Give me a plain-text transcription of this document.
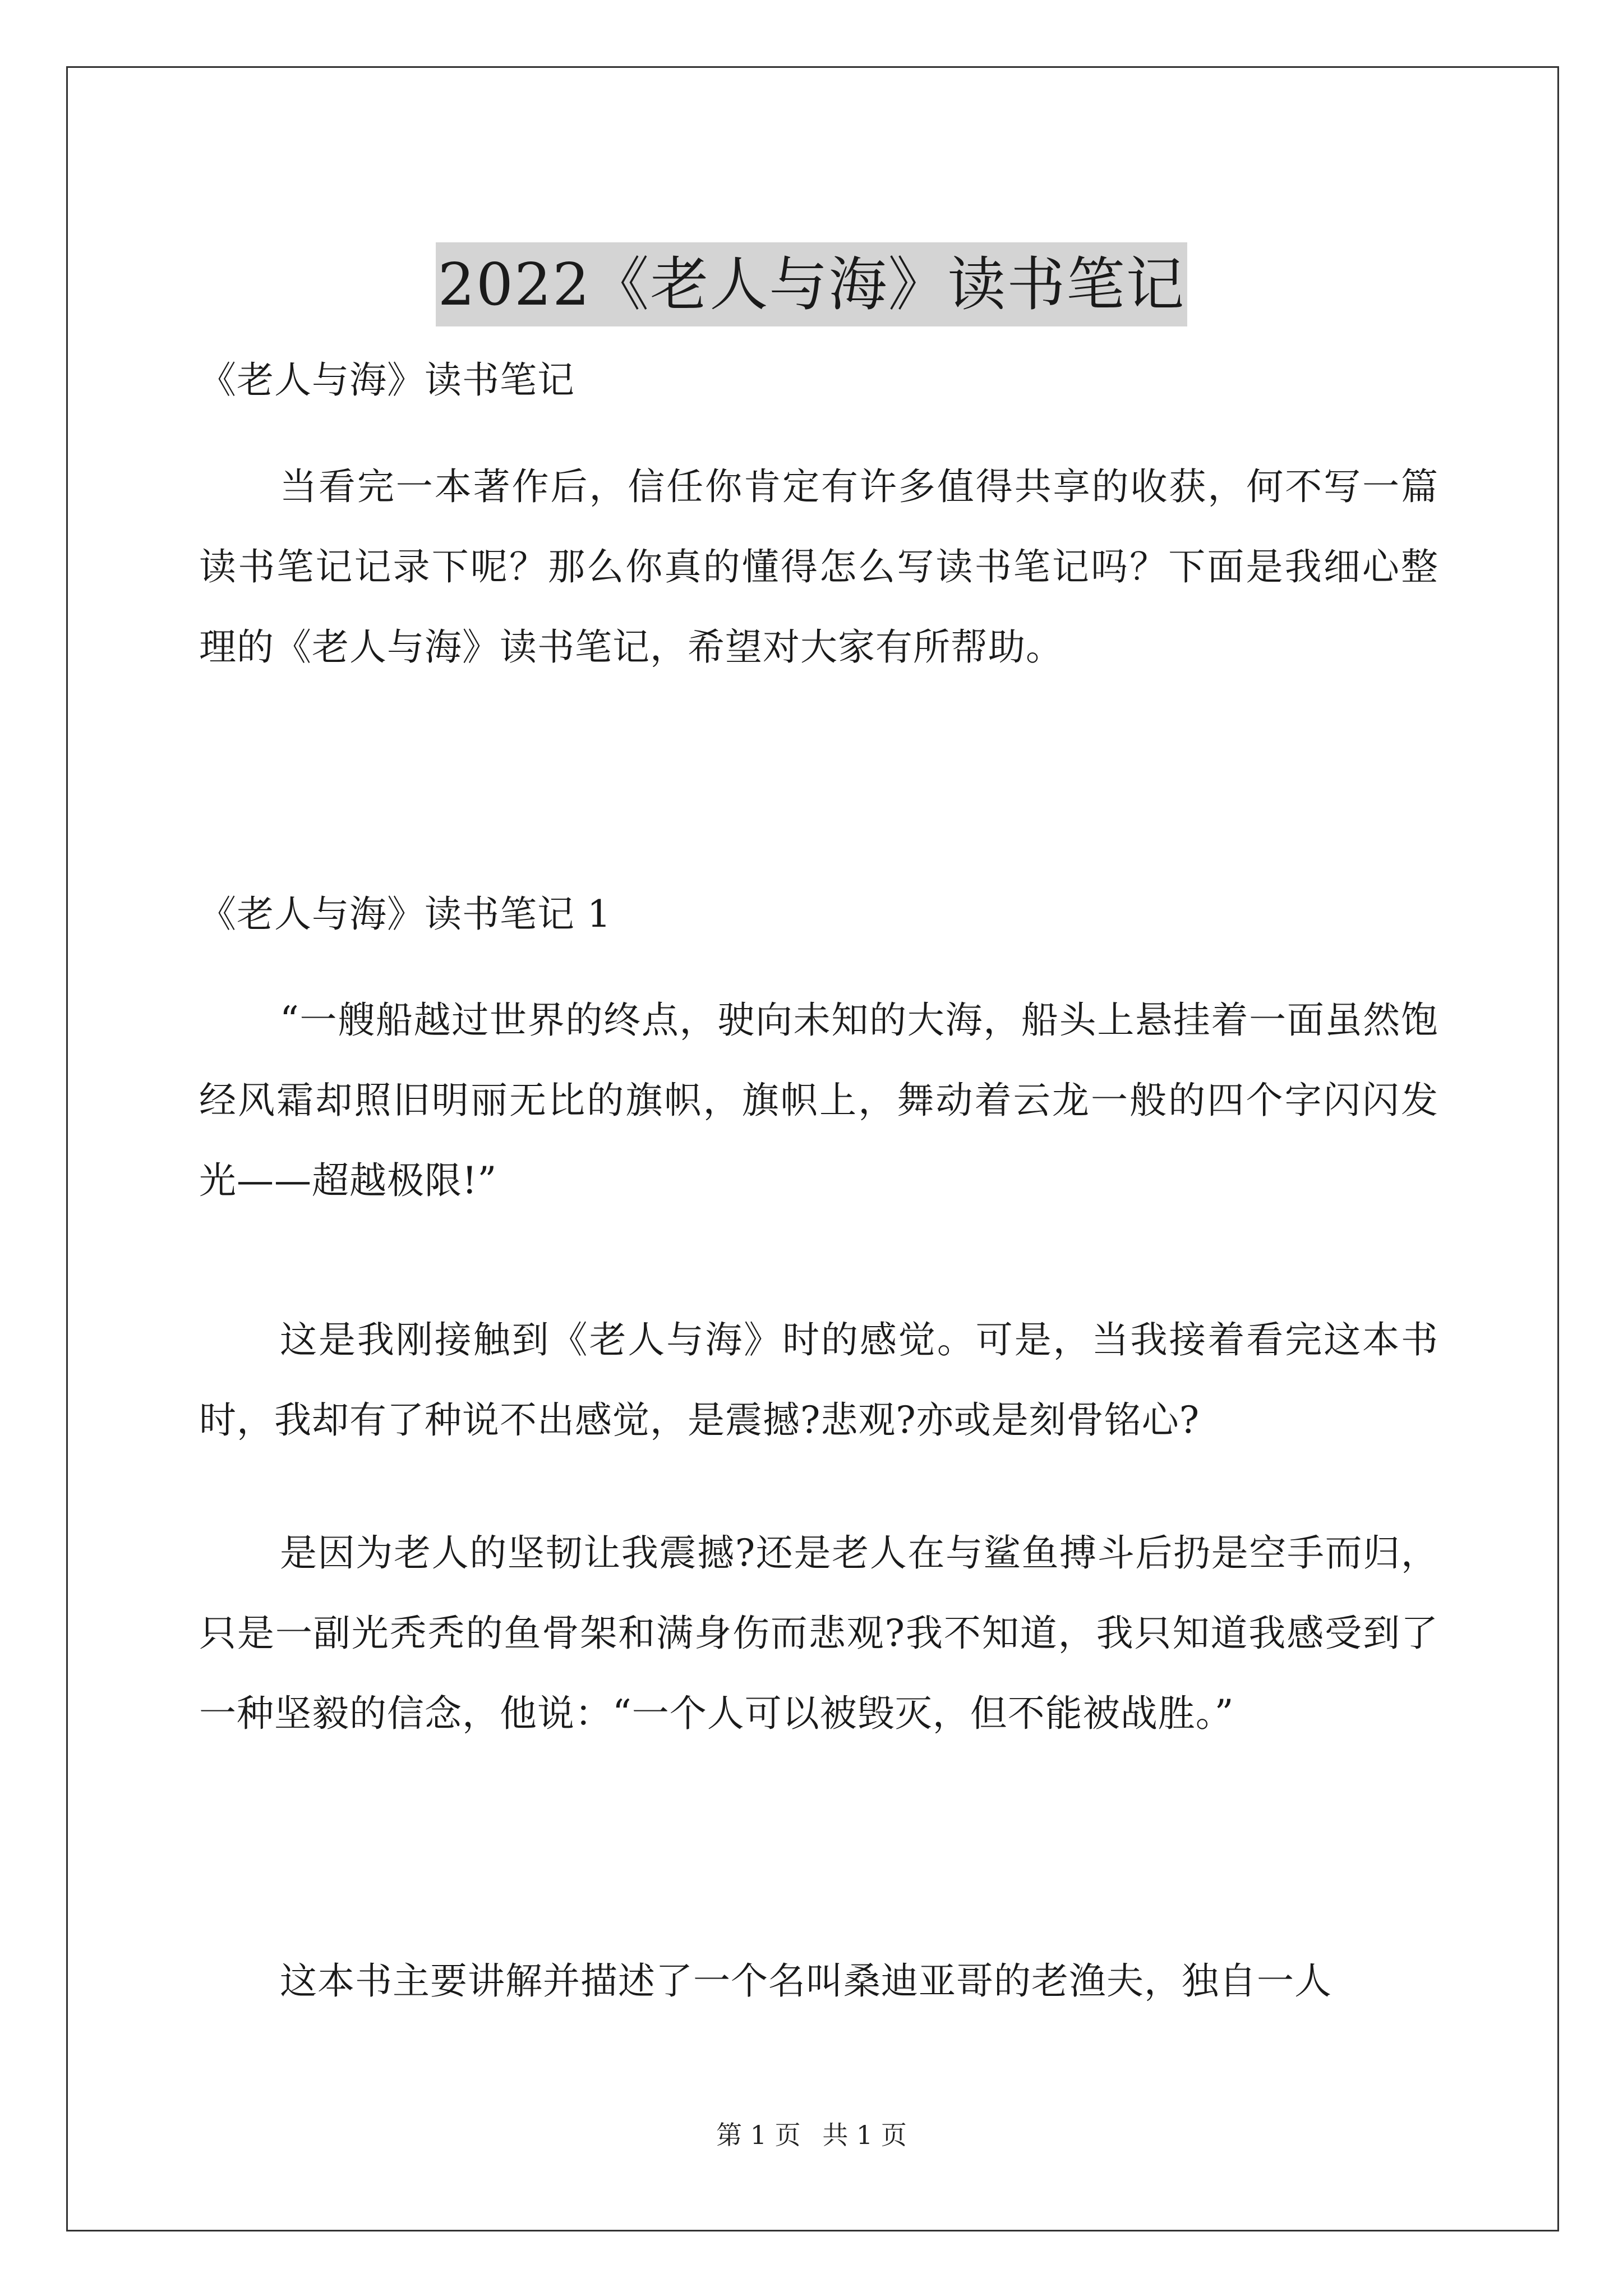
2022《老人与海》读书笔记

《老人与海》读书笔记

当看完一本著作后，信任你肯定有许多值得共享的收获，何不写一篇读书笔记记录下呢？那么你真的懂得怎么写读书笔记吗？下面是我细心整理的《老人与海》读书笔记，希望对大家有所帮助。

《老人与海》读书笔记 1

“一艘船越过世界的终点，驶向未知的大海，船头上悬挂着一面虽然饱经风霜却照旧明丽无比的旗帜，旗帜上，舞动着云龙一般的四个字闪闪发光——超越极限!”

这是我刚接触到《老人与海》时的感觉。可是，当我接着看完这本书时，我却有了种说不出感觉，是震撼?悲观?亦或是刻骨铭心?

是因为老人的坚韧让我震撼?还是老人在与鲨鱼搏斗后扔是空手而归，只是一副光秃秃的鱼骨架和满身伤而悲观?我不知道，我只知道我感受到了一种坚毅的信念，他说：“一个人可以被毁灭，但不能被战胜。”

这本书主要讲解并描述了一个名叫桑迪亚哥的老渔夫，独自一人

第 1 页 共 1 页
